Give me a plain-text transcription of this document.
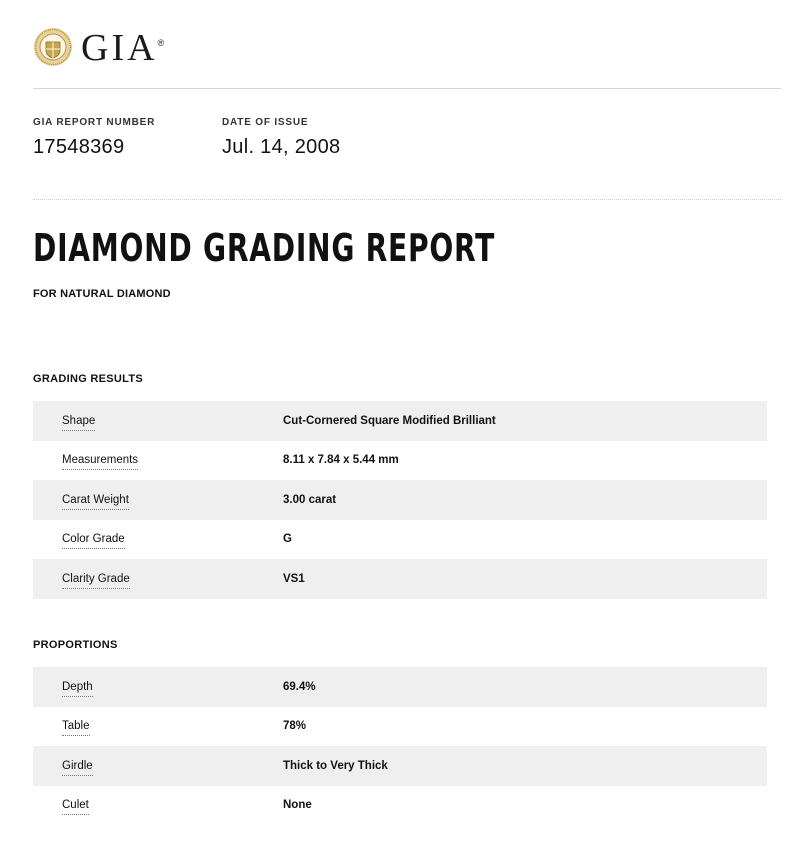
GIA®
GIA REPORT NUMBER
17548369
DATE OF ISSUE
Jul. 14, 2008
DIAMOND GRADING REPORT
FOR NATURAL DIAMOND
GRADING RESULTS
Shape	Cut-Cornered Square Modified Brilliant
Measurements	8.11 x 7.84 x 5.44 mm
Carat Weight	3.00 carat
Color Grade	G
Clarity Grade	VS1
PROPORTIONS
Depth	69.4%
Table	78%
Girdle	Thick to Very Thick
Culet	None
